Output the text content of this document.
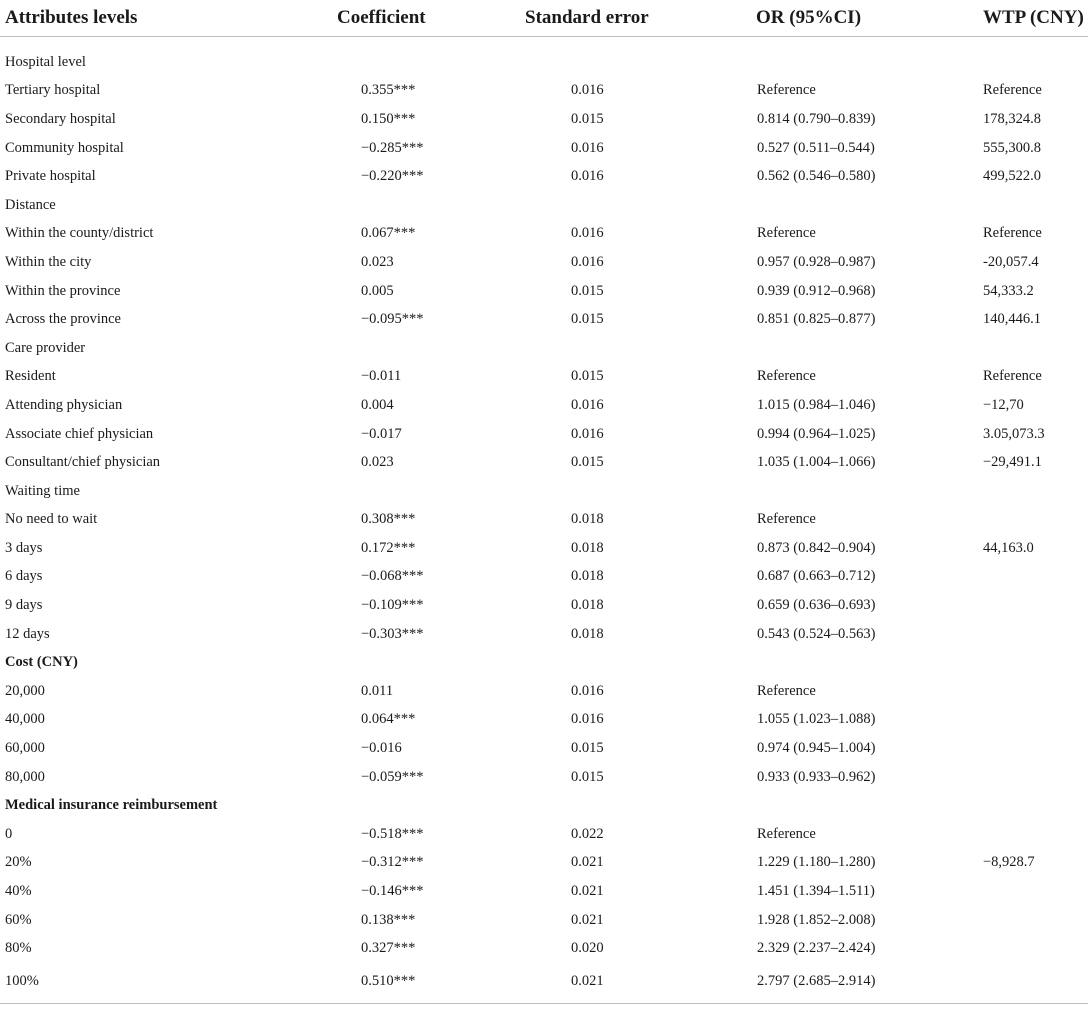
Attributes levels	Coefficient	Standard error	OR (95%CI)	WTP (CNY)
Hospital level				
Tertiary hospital	0.355***	0.016	Reference	Reference
Secondary hospital	0.150***	0.015	0.814 (0.790–0.839)	178,324.8
Community hospital	−0.285***	0.016	0.527 (0.511–0.544)	555,300.8
Private hospital	−0.220***	0.016	0.562 (0.546–0.580)	499,522.0
Distance				
Within the county/district	0.067***	0.016	Reference	Reference
Within the city	0.023	0.016	0.957 (0.928–0.987)	-20,057.4
Within the province	0.005	0.015	0.939 (0.912–0.968)	54,333.2
Across the province	−0.095***	0.015	0.851 (0.825–0.877)	140,446.1
Care provider				
Resident	−0.011	0.015	Reference	Reference
Attending physician	0.004	0.016	1.015 (0.984–1.046)	−12,70
Associate chief physician	−0.017	0.016	0.994 (0.964–1.025)	3.05,073.3
Consultant/chief physician	0.023	0.015	1.035 (1.004–1.066)	−29,491.1
Waiting time				
No need to wait	0.308***	0.018	Reference	
3 days	0.172***	0.018	0.873 (0.842–0.904)	44,163.0
6 days	−0.068***	0.018	0.687 (0.663–0.712)	
9 days	−0.109***	0.018	0.659 (0.636–0.693)	
12 days	−0.303***	0.018	0.543 (0.524–0.563)	
Cost (CNY)				
20,000	0.011	0.016	Reference	
40,000	0.064***	0.016	1.055 (1.023–1.088)	
60,000	−0.016	0.015	0.974 (0.945–1.004)	
80,000	−0.059***	0.015	0.933 (0.933–0.962)	
Medical insurance reimbursement				
0	−0.518***	0.022	Reference	
20%	−0.312***	0.021	1.229 (1.180–1.280)	−8,928.7
40%	−0.146***	0.021	1.451 (1.394–1.511)	
60%	0.138***	0.021	1.928 (1.852–2.008)	
80%	0.327***	0.020	2.329 (2.237–2.424)	
100%	0.510***	0.021	2.797 (2.685–2.914)	
